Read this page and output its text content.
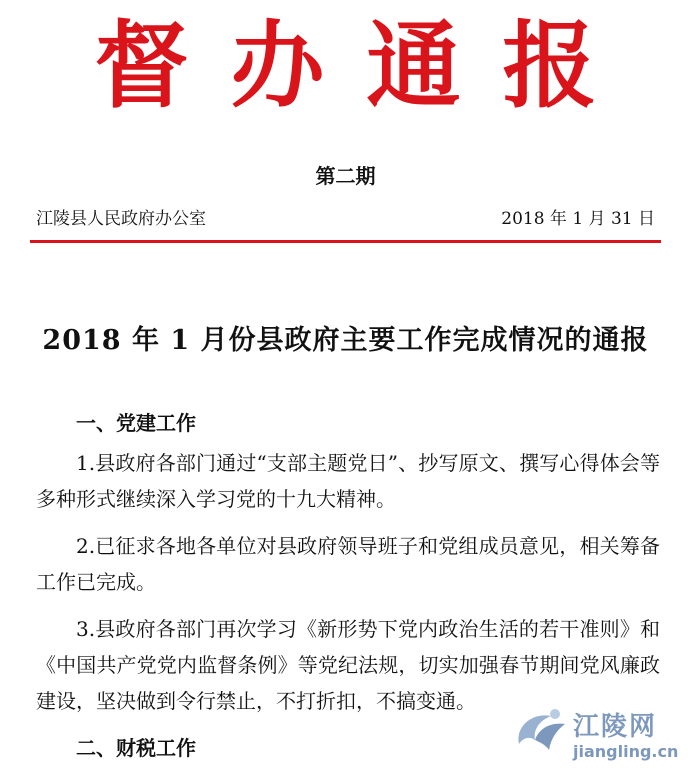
督办通报
第二期
江陵县人民政府办公室	2018 年 1 月 31 日
2018 年 1 月份县政府主要工作完成情况的通报

一、党建工作

1.县政府各部门通过“支部主题党日”、抄写原文、撰写心得体会等多种形式继续深入学习党的十九大精神。

2.已征求各地各单位对县政府领导班子和党组成员意见，相关筹备工作已完成。

3.县政府各部门再次学习《新形势下党内政治生活的若干准则》和《中国共产党党内监督条例》等党纪法规，切实加强春节期间党风廉政建设，坚决做到令行禁止，不打折扣，不搞变通。

二、财税工作

江陵网
jiangling.cn
